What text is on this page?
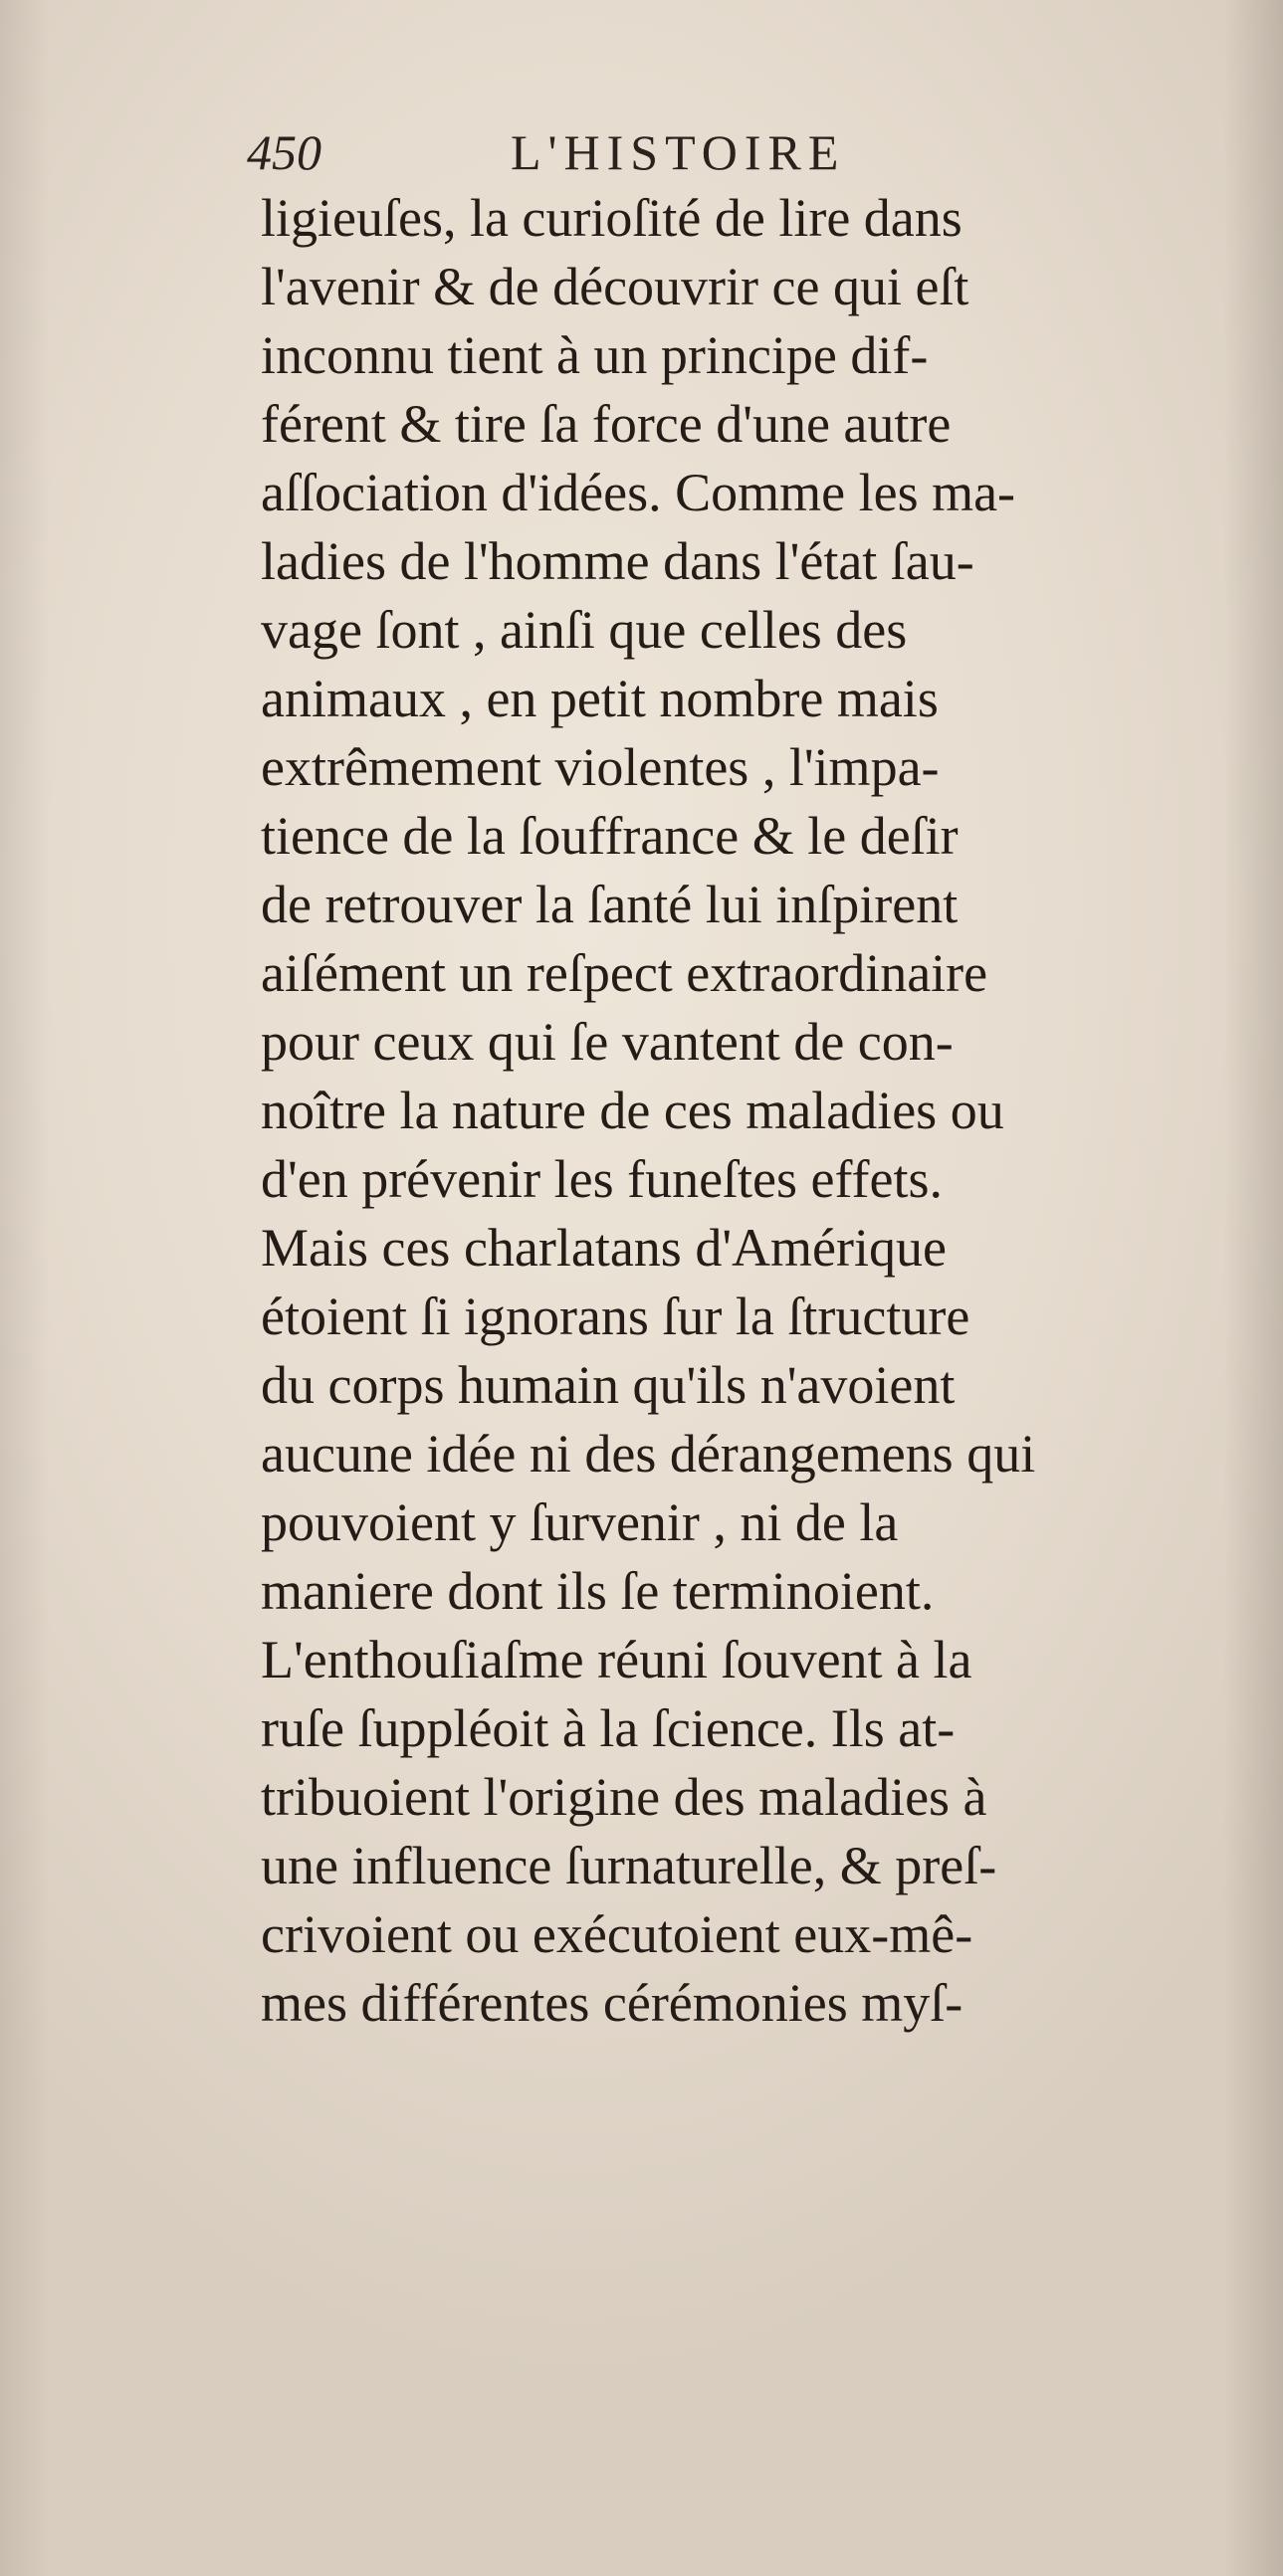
450	L'HISTOIRE
ligieuſes, la curioſité de lire dans
l'avenir & de découvrir ce qui eſt
inconnu tient à un principe dif-
férent & tire ſa force d'une autre
aſſociation d'idées. Comme les ma-
ladies de l'homme dans l'état ſau-
vage ſont , ainſi que celles des
animaux , en petit nombre mais
extrêmement violentes , l'impa-
tience de la ſouffrance & le deſir
de retrouver la ſanté lui inſpirent
aiſément un reſpect extraordinaire
pour ceux qui ſe vantent de con-
noître la nature de ces maladies ou
d'en prévenir les funeſtes effets.
Mais ces charlatans d'Amérique
étoient ſi ignorans ſur la ſtructure
du corps humain qu'ils n'avoient
aucune idée ni des dérangemens qui
pouvoient y ſurvenir , ni de la
maniere dont ils ſe terminoient.
L'enthouſiaſme réuni ſouvent à la
ruſe ſuppléoit à la ſcience. Ils at-
tribuoient l'origine des maladies à
une influence ſurnaturelle, & preſ-
crivoient ou exécutoient eux-mê-
mes différentes cérémonies myſ-
